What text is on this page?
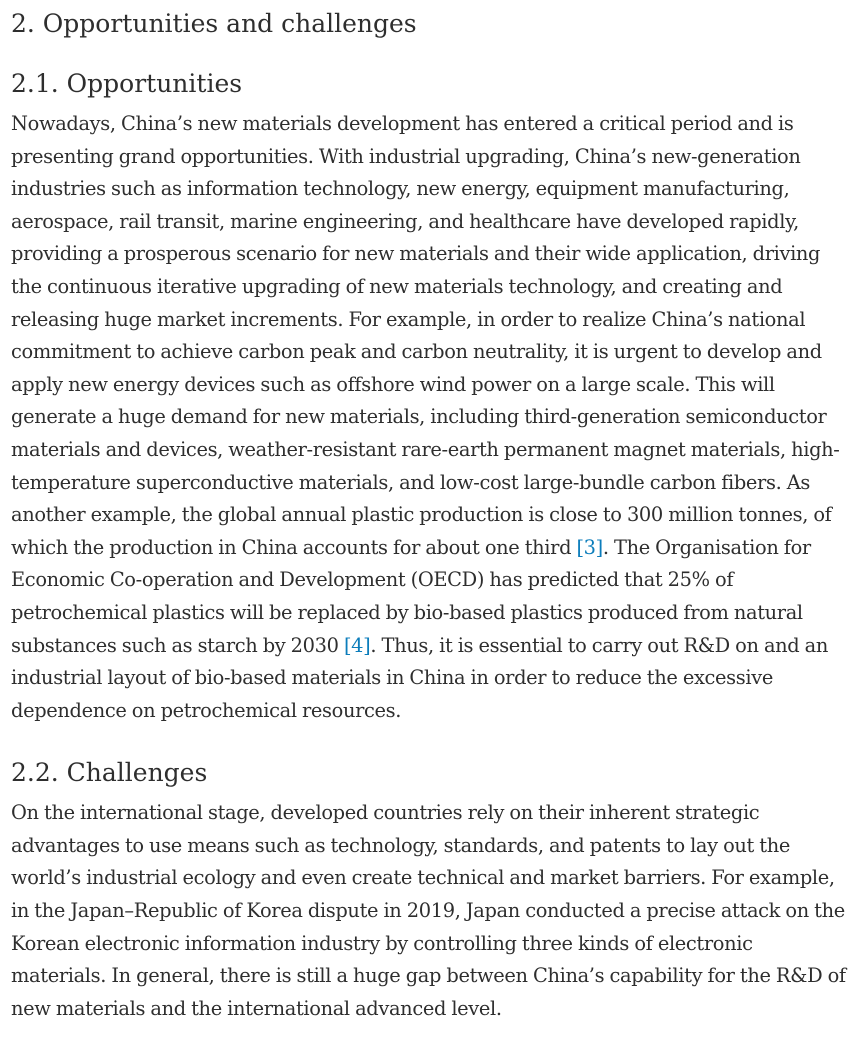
2. Opportunities and challenges
2.1. Opportunities

Nowadays, China’s new materials development has entered a critical period and is presenting grand opportunities. With industrial upgrading, China’s new-generation industries such as information technology, new energy, equipment manufacturing, aerospace, rail transit, marine engineering, and healthcare have developed rapidly, providing a prosperous scenario for new materials and their wide application, driving the continuous iterative upgrading of new materials technology, and creating and releasing huge market increments. For example, in order to realize China’s national commitment to achieve carbon peak and carbon neutrality, it is urgent to develop and apply new energy devices such as offshore wind power on a large scale. This will generate a huge demand for new materials, including third-generation semiconductor materials and devices, weather-resistant rare-earth permanent magnet materials, high-temperature superconductive materials, and low-cost large-bundle carbon fibers. As another example, the global annual plastic production is close to 300 million tonnes, of which the production in China accounts for about one third [3]. The Organisation for Economic Co-operation and Development (OECD) has predicted that 25% of petrochemical plastics will be replaced by bio-based plastics produced from natural substances such as starch by 2030 [4]. Thus, it is essential to carry out R&D on and an industrial layout of bio-based materials in China in order to reduce the excessive dependence on petrochemical resources.

2.2. Challenges

On the international stage, developed countries rely on their inherent strategic advantages to use means such as technology, standards, and patents to lay out the world’s industrial ecology and even create technical and market barriers. For example, in the Japan–Republic of Korea dispute in 2019, Japan conducted a precise attack on the Korean electronic information industry by controlling three kinds of electronic materials. In general, there is still a huge gap between China’s capability for the R&D of new materials and the international advanced level.
